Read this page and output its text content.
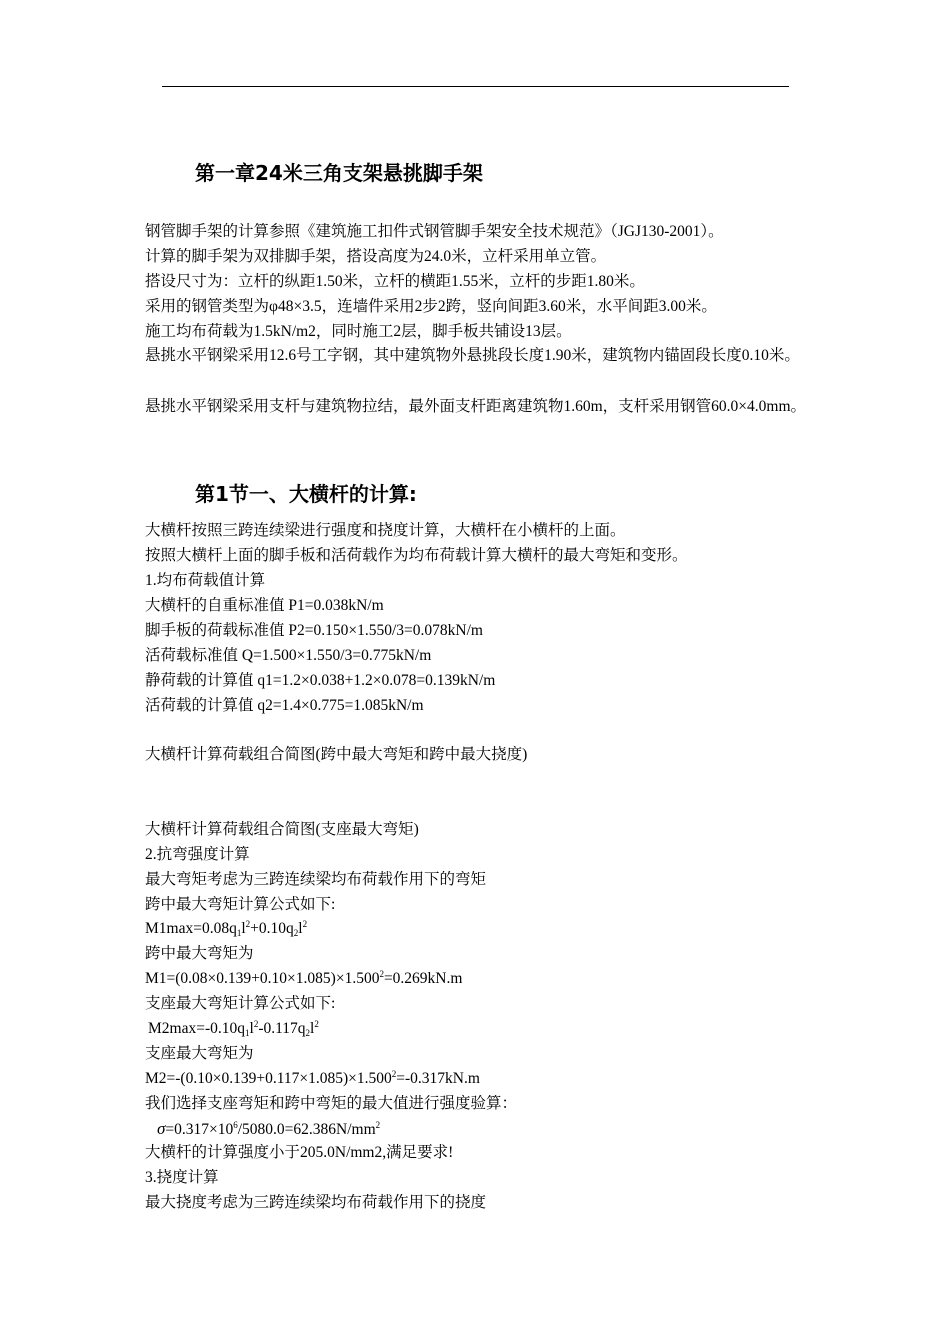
第一章24米三角支架悬挑脚手架
钢管脚手架的计算参照《建筑施工扣件式钢管脚手架安全技术规范》（JGJ130-2001）。
计算的脚手架为双排脚手架，搭设高度为24.0米，立杆采用单立管。
搭设尺寸为：立杆的纵距1.50米，立杆的横距1.55米，立杆的步距1.80米。
采用的钢管类型为φ48×3.5，连墙件采用2步2跨，竖向间距3.60米，水平间距3.00米。
施工均布荷载为1.5kN/m2，同时施工2层，脚手板共铺设13层。
悬挑水平钢梁采用12.6号工字钢，其中建筑物外悬挑段长度1.90米，建筑物内锚固段长度0.10米。
悬挑水平钢梁采用支杆与建筑物拉结，最外面支杆距离建筑物1.60m，支杆采用钢管60.0×4.0mm。
第1节一、大横杆的计算:
大横杆按照三跨连续梁进行强度和挠度计算，大横杆在小横杆的上面。
按照大横杆上面的脚手板和活荷载作为均布荷载计算大横杆的最大弯矩和变形。
1.均布荷载值计算
大横杆的自重标准值 P1=0.038kN/m
脚手板的荷载标准值 P2=0.150×1.550/3=0.078kN/m
活荷载标准值 Q=1.500×1.550/3=0.775kN/m
静荷载的计算值 q1=1.2×0.038+1.2×0.078=0.139kN/m
活荷载的计算值 q2=1.4×0.775=1.085kN/m
大横杆计算荷载组合简图(跨中最大弯矩和跨中最大挠度)
大横杆计算荷载组合简图(支座最大弯矩)
2.抗弯强度计算
最大弯矩考虑为三跨连续梁均布荷载作用下的弯矩
跨中最大弯矩计算公式如下:
$M1\max=0.08q_1l^2+0.10q_2l^2$
跨中最大弯矩为
$M1=(0.08\times 0.139+0.10\times 1.085)\times 1.500^2=0.269kN.m$
支座最大弯矩计算公式如下:
$M2\max=-0.10q_1l^2-0.117q_2l^2$
支座最大弯矩为
$M2=-(0.10\times 0.139+0.117\times 1.085)\times 1.500^2=-0.317kN.m$
我们选择支座弯矩和跨中弯矩的最大值进行强度验算：
$\sigma=0.317\times 10^6/5080.0=62.386N/mm^2$
大横杆的计算强度小于205.0N/mm2,满足要求!
3.挠度计算
最大挠度考虑为三跨连续梁均布荷载作用下的挠度
